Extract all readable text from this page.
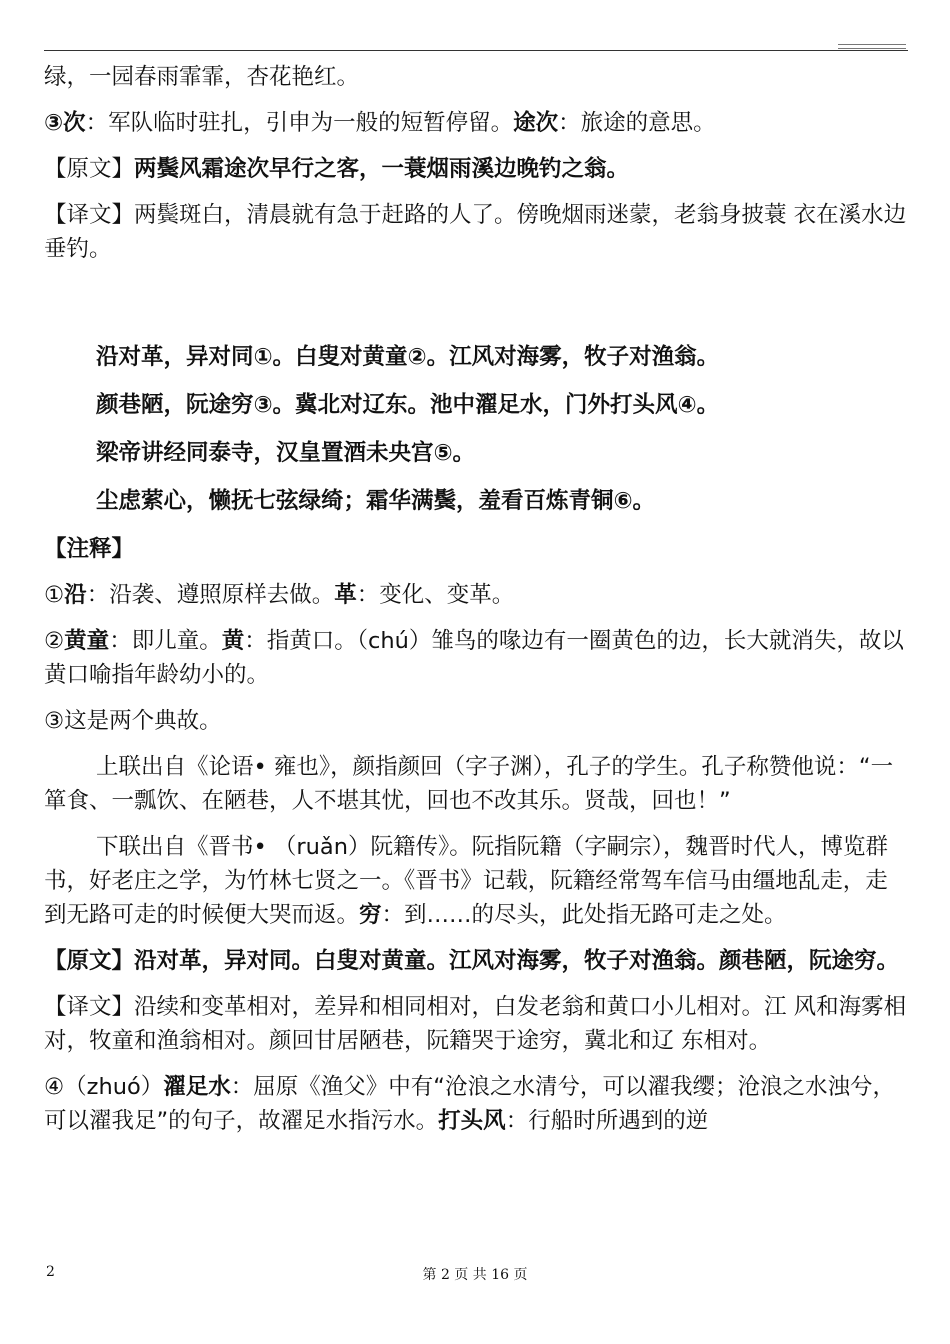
绿，一园春雨霏霏，杏花艳红。

③次：军队临时驻扎，引申为一般的短暂停留。途次：旅途的意思。

【原文】两鬓风霜途次早行之客，一蓑烟雨溪边晚钓之翁。

【译文】两鬓斑白，清晨就有急于赶路的人了。傍晚烟雨迷蒙，老翁身披蓑 衣在溪水边垂钓。

沿对革，异对同①。白叟对黄童②。江风对海雾，牧子对渔翁。

颜巷陋，阮途穷③。冀北对辽东。池中濯足水，门外打头风④。

梁帝讲经同泰寺，汉皇置酒未央宫⑤。

尘虑萦心，懒抚七弦绿绮；霜华满鬓，羞看百炼青铜⑥。

【注释】

①沿：沿袭、遵照原样去做。革：变化、变革。

②黄童：即儿童。黄：指黄口。（chú）雏鸟的喙边有一圈黄色的边，长大就消失，故以黄口喻指年龄幼小的。

③这是两个典故。

上联出自《论语• 雍也》，颜指颜回（字子渊），孔子的学生。孔子称赞他说：“一箪食、一瓢饮、在陋巷，人不堪其忧，回也不改其乐。贤哉，回也！”

下联出自《晋书• （ruǎn）阮籍传》。阮指阮籍（字嗣宗），魏晋时代人，博览群书，好老庄之学，为竹林七贤之一。《晋书》记载，阮籍经常驾车信马由缰地乱走，走到无路可走的时候便大哭而返。穷：到……的尽头，此处指无路可走之处。

【原文】沿对革，异对同。白叟对黄童。江风对海雾，牧子对渔翁。颜巷陋，阮途穷。

【译文】沿续和变革相对，差异和相同相对，白发老翁和黄口小儿相对。江 风和海雾相对，牧童和渔翁相对。颜回甘居陋巷，阮籍哭于途穷，冀北和辽 东相对。

④（zhuó）濯足水：屈原《渔父》中有“沧浪之水清兮，可以濯我缨；沧浪之水浊兮，可以濯我足”的句子，故濯足水指污水。打头风：行船时所遇到的逆

2	第 2 页 共 16 页
